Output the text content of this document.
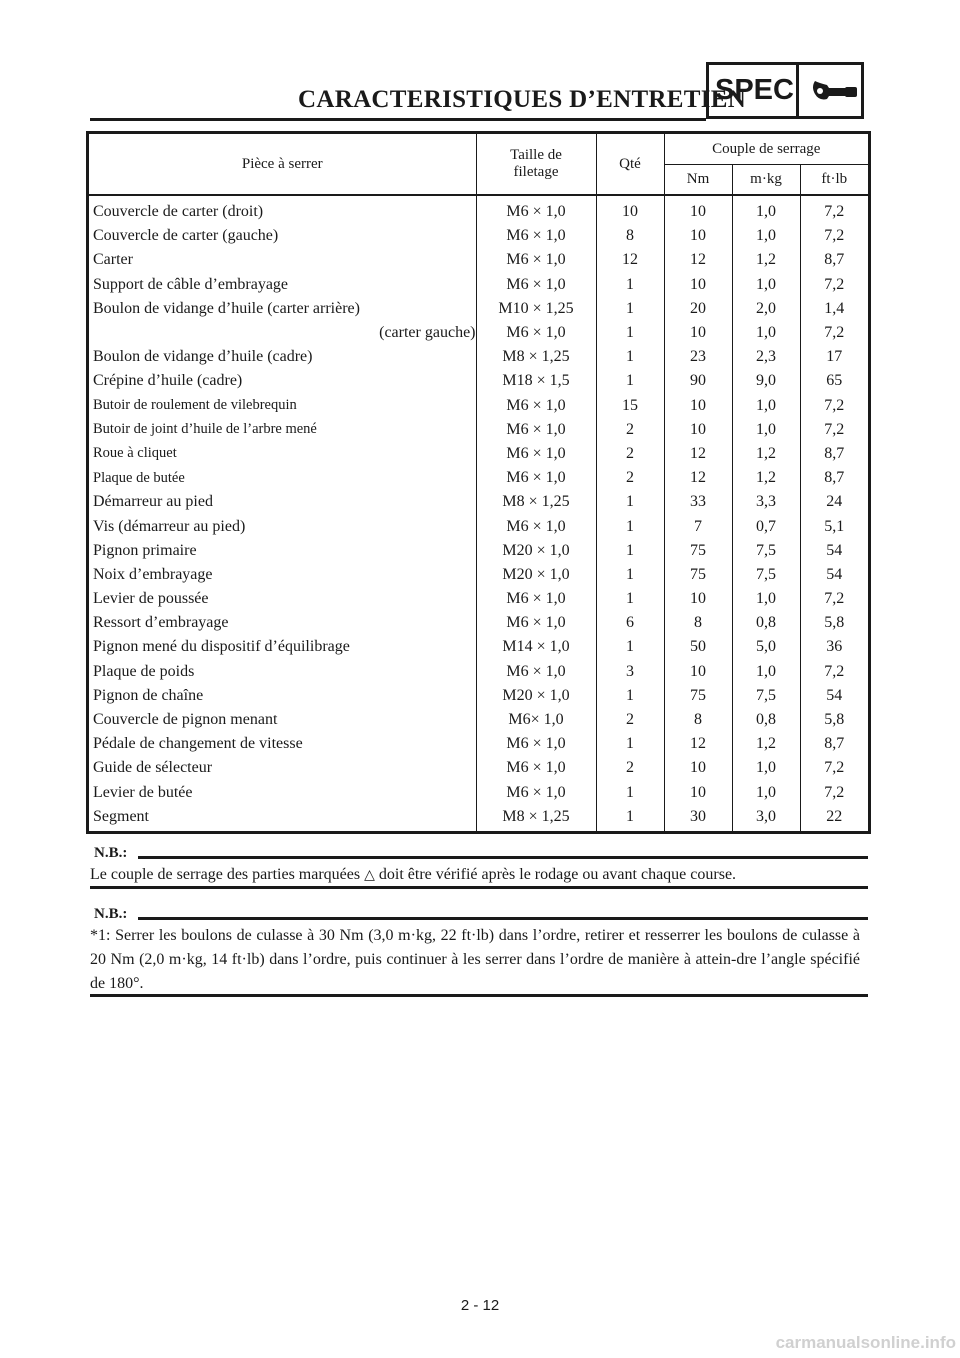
CARACTERISTIQUES D’ENTRETIEN
SPEC
Pièce à serrer	Taille de
filetage	Qté	Couple de serrage		
			Nm	m·kg	ft·lb
Couvercle de carter (droit)	M6 × 1,0	10	10	1,0	7,2
Couvercle de carter (gauche)	M6 × 1,0	8	10	1,0	7,2
Carter	M6 × 1,0	12	12	1,2	8,7
Support de câble d’embrayage	M6 × 1,0	1	10	1,0	7,2
Boulon de vidange d’huile (carter arrière)	M10 × 1,25	1	20	2,0	1,4
(carter gauche)	M6 × 1,0	1	10	1,0	7,2
Boulon de vidange d’huile (cadre)	M8 × 1,25	1	23	2,3	17
Crépine d’huile (cadre)	M18 × 1,5	1	90	9,0	65
Butoir de roulement de vilebrequin	M6 × 1,0	15	10	1,0	7,2
Butoir de joint d’huile de l’arbre mené	M6 × 1,0	2	10	1,0	7,2
Roue à cliquet	M6 × 1,0	2	12	1,2	8,7
Plaque de butée	M6 × 1,0	2	12	1,2	8,7
Démarreur au pied	M8 × 1,25	1	33	3,3	24
Vis (démarreur au pied)	M6 × 1,0	1	7	0,7	5,1
Pignon primaire	M20 × 1,0	1	75	7,5	54
Noix d’embrayage	M20 × 1,0	1	75	7,5	54
Levier de poussée	M6 × 1,0	1	10	1,0	7,2
Ressort d’embrayage	M6 × 1,0	6	8	0,8	5,8
Pignon mené du dispositif d’équilibrage	M14 × 1,0	1	50	5,0	36
Plaque de poids	M6 × 1,0	3	10	1,0	7,2
Pignon de chaîne	M20 × 1,0	1	75	7,5	54
Couvercle de pignon menant	M6× 1,0	2	8	0,8	5,8
Pédale de changement de vitesse	M6 × 1,0	1	12	1,2	8,7
Guide de sélecteur	M6 × 1,0	2	10	1,0	7,2
Levier de butée	M6 × 1,0	1	10	1,0	7,2
Segment	M8 × 1,25	1	30	3,0	22
N.B.:
Le couple de serrage des parties marquées △ doit être vérifié après le rodage ou avant chaque course.
N.B.:
*1: Serrer les boulons de culasse à 30 Nm (3,0 m·kg, 22 ft·lb) dans l’ordre, retirer et resserrer les boulons de culasse à 20 Nm (2,0 m·kg, 14 ft·lb) dans l’ordre, puis continuer à les serrer dans l’ordre de manière à attein-dre l’angle spécifié de 180°.
2 - 12
carmanualsonline.info
